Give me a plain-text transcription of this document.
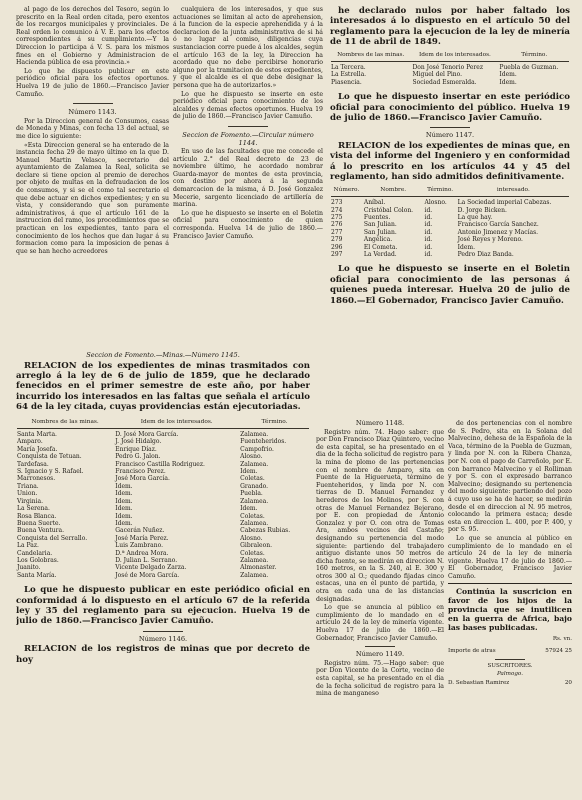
al pago de los derechos del Tesoro, según lo prescrito en la Real orden citada, pero exentos de los recargos municipales y provinciales. De Real orden lo comunico á V. E. para los efectos correspondientes á su cumplimiento.—Y la Direccion lo participa á V. S. para los mismos fines en el Gobierno y Administracion de Hacienda pública de esa provincia.»

Lo que he dispuesto publicar en este periódico oficial para los efectos oportunos. Huelva 19 de julio de 1860.—Francisco Javier Camuño.

Número 1143.

Por la Direccion general de Consumos, casas de Moneda y Minas, con fecha 13 del actual, se me dice lo siguiente:

«Esta Direccion general se ha enterado de la instancia fecha 29 de mayo último en la que D. Manuel Martin Velasco, secretario del ayuntamiento de Zalamea la Real, solicita se declare si tiene opcion al premio de derechos por objeto de multas en la defraudacion de los de consumos, y si se el como tal secretario el que debe actuar en dichos expedientes; y en su vista, y considerando que son puramente administrativos, á que el artículo 161 de la instruccion del ramo, los procedimientos que se practican en los expedientes, tanto para el conocimiento de los hechos que dan lugar á su formacion como para la imposicion de penas á que se han hecho acreedores

cualquiera de los interesados, y que sus actuaciones se limitan al acto de aprehension, á la funcion de la especie aprehendida y á la declaracion de la junta administrativa de si há ó no lugar al comiso, diligencias cuya sustanciacion corre puede á los alcaldes, según el artículo 163 de la ley, la Direccion ha acordado que no debe percibirse honorario alguno por la tramitacion de estos expedientes, y que el alcalde es el que debe designar la persona que ha de autorizarlos.»

Lo que he dispuesto se inserte en este periódico oficial para conocimiento de los alcaldes y demas efectos oportunos. Huelva 19 de julio de 1860.—Francisco Javier Camuño.

Seccion de Fomento.—Circular número 1144.

En uso de las facultades que me concede el artículo 2.° del Real decreto de 23 de noviembre último, he acordado nombrar Guarda-mayor de montes de esta provincia, con destino por ahora á la segunda demarcacion de la misma, á D. José Gonzalez Mecerie, sargento licenciado de artillería de marina.

Lo que he dispuesto se inserte en el Boletin oficial para conocimiento de quien corresponda. Huelva 14 de julio de 1860.—Francisco Javier Camuño.

he declarado nulos por haber faltado los interesados á lo dispuesto en el artículo 50 del reglamento para la ejecucion de la ley de minería de 11 de abril de 1849.

Nombres de las minas.	Idem de los interesados.	Término.

La Tercera.	Don José Tenorio Perez	Puebla de Guzman.
La Estrella.	Miguel del Pino.	Idem.
Piasencia.	Sociedad Esmeralda.	Idem.

Lo que he dispuesto insertar en este periódico oficial para conocimiento del público. Huelva 19 de julio de 1860.—Francisco Javier Camuño.

Número 1147.

RELACION de los expedientes de minas que, en vista del informe del Ingeniero y en conformidad á lo prescrito en los artículos 44 y 45 del reglamento, han sido admitidos definitivamente.

Número.	Nombre.	Término.	interesado.

273	Aníbal.	Alosno.	La Sociedad imperial Cabezas.
274	Cristóbal Colon.	id.	D. Jorge Bicken.
275	Fuentes.	id.	La que hay.
276	San Julian.	id.	Francisco García Sanchez.
277	San Julian.	id.	Antonio Jimenez y Macías.
279	Angélica.	id.	José Reyes y Moreno.
296	El Cometa.	id.	Idem.
297	La Verdad.	id.	Pedro Diaz Banda.

Lo que he dispuesto se inserte en el Boletin oficial para conocimiento de las personas á quienes pueda interesar. Huelva 20 de julio de 1860.—El Gobernador, Francisco Javier Camuño.

Seccion de Fomento.—Minas.—Número 1145.

RELACION de los expedientes de minas trasmitados con arreglo á la ley de 6 de julio de 1859, que he declarado fenecidos en el primer semestre de este año, por haber incurrido los interesados en las faltas que señala el artículo 64 de la ley citada, cuyas providencias están ejecutoriadas.

Nombres de las minas.	Idem de los interesados.	Término.

Santa Marta.	D. José Mora García.	Zalamea.
Amparo.	J. José Hidalgo.	Fuenteheridos.
María Josefa.	Enrique Díaz.	Campofrio.
Conquista de Tetuan.	Pedro G. Jalon.	Alosno.
Tardefasa.	Francisco Castilla Rodriguez.	Zalamea.
S. Ignacio y S. Rafael.	Francisco Perez.	Idem.
Marronesos.	José Mora García.	Coletas.
Triana.	Idem.	Granado.
Union.	Idem.	Puebla.
Virginia.	Idem.	Zalamea.
La Serena.	Idem.	Idem.
Rosa Blanca.	Idem.	Coletas.
Buena Suerte.	Idem.	Zalamea.
Buena Ventura.	Gacerán Nuñez.	Cabezas Rubias.
Conquista del Serrallo.	José María Perez.	Alosno.
La Paz.	Luis Zambrano.	Gibraleon.
Candelaria.	D.ª Andrea Mora.	Coletas.
Los Golobras.	D. Julian L. Serrano.	Zalamea.
Juanito.	Vicente Delgado Zarza.	Almonaster.
Santa María.	José de Mora García.	Zalamea.

Lo que he dispuesto publicar en este periódico oficial en conformidad á lo dispuesto en el artículo 67 de la referida ley y 35 del reglamento para su ejecucion. Huelva 19 de julio de 1860.—Francisco Javier Camuño.

Número 1146.

RELACION de los registros de minas que por decreto de hoy

Número 1148.

Registro núm. 74. Hago saber: que por Don Francisco Diaz Quintero, vecino de esta capital, se ha presentado en el dia de la fecha solicitud de registro para la mina de plomo de las pertenencias con el nombre de Amparo, sita en Fuente de la Higuerueta, término de Fuenteheridos, y linda por N. con tierras de D. Manuel Fernandez y herederos de los Molinos, por S. con otras de Manuel Fernandez Bejerano, por E. con propiedad de Antonio Gonzalez y por O. con otra de Tomas Ara, ambos vecinos del Castaño; designando su pertenencia del modo siguiente: partiendo del trabajadero antiguo distante unos 50 metros de dicha fuente, se medirán en direccion N. 160 metros, en la S. 240, al E. 300 y otros 300 al O.; quedando fijadas cinco estacas, una en el punto de partida, y otra en cada una de las distancias designadas.

Lo que se anuncia al público en cumplimiento de lo mandado en el artículo 24 de la ley de minería vigente. Huelva 17 de julio de 1860.—El Gobernador, Francisco Javier Camuño.

Número 1149.

Registro núm. 75.—Hago saber: que por Don Vicente de la Corte, vecino de esta capital, se ha presentado en el dia de la fecha solicitud de registro para la mina de manganeso

de dos pertenencias con el nombre de S. Pedro, sita en la Solana del Malvecino, dehesa de la Española de la Vaca, término de la Puebla de Guzman, y linda por N. con la Ribera Chanza, por N. con el pago de Carreñolo, por E. con barranco Malvecino y el Rolliman y por S. con el expresado barranco Malvecino; designando su pertenencia del modo siguiente: partiendo del pozo á cuyo uso se ha de hacer, se medirán desde el en direccion al N. 95 metros, colocando la primera estaca; desde esta en direccion L. 400, por P. 400, y por S. 95.

Lo que se anuncia al público en cumplimiento de lo mandado en el artículo 24 de la ley de minería vigente. Huelva 17 de julio de 1860.—El Gobernador, Francisco Javier Camuño.

Continúa la suscricion en favor de los hijos de la provincia que se inutilicen en la guerra de Africa, bajo las bases publicadas.

Rs. vn.
Importe de atras	57924 25

SUSCRITORES.

Palmogo.

D. Sebastian Ramirez	20
